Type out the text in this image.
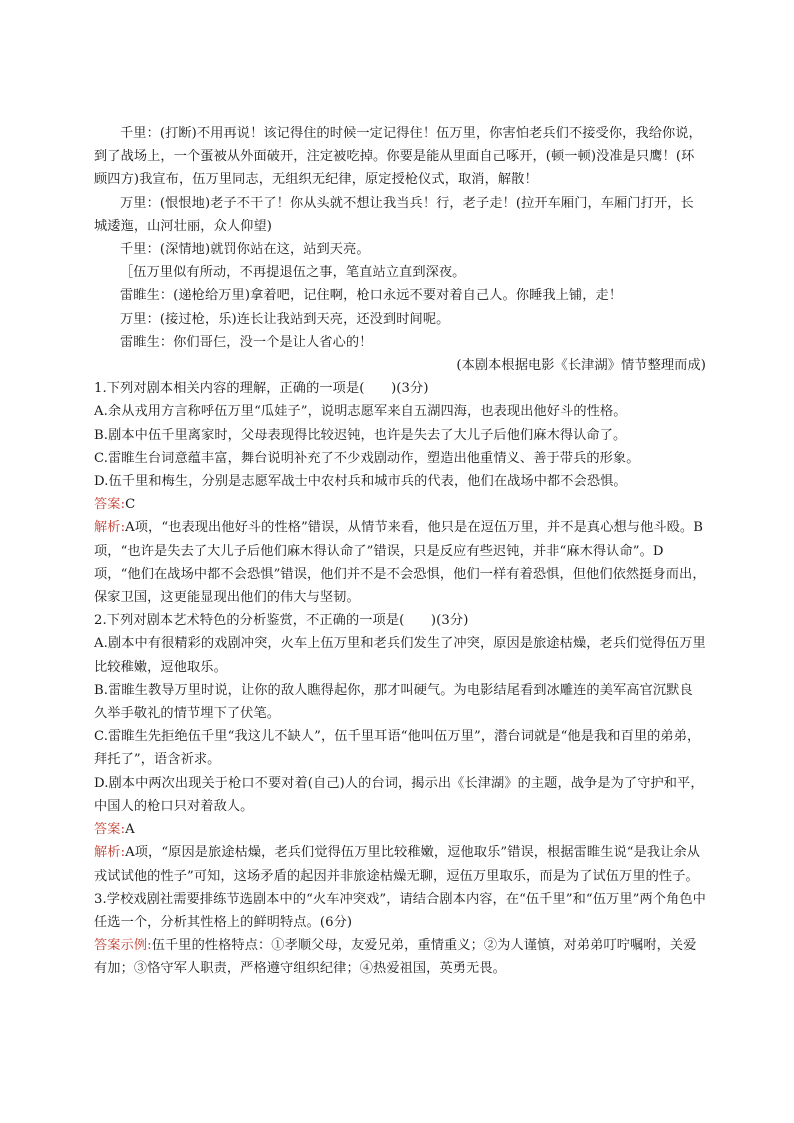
千里：(打断)不用再说！该记得住的时候一定记得住！伍万里，你害怕老兵们不接受你，我给你说，到了战场上，一个蛋被从外面破开，注定被吃掉。你要是能从里面自己啄开，(顿一顿)没准是只鹰！(环顾四方)我宣布，伍万里同志，无组织无纪律，原定授枪仪式，取消，解散！

万里：(恨恨地)老子不干了！你从头就不想让我当兵！行，老子走！(拉开车厢门，车厢门打开，长城逶迤，山河壮丽，众人仰望)

千里：(深情地)就罚你站在这，站到天亮。

［伍万里似有所动，不再提退伍之事，笔直站立直到深夜。

雷睢生：(递枪给万里)拿着吧，记住啊，枪口永远不要对着自己人。你睡我上铺，走！

万里：(接过枪，乐)连长让我站到天亮，还没到时间呢。

雷睢生：你们哥仨，没一个是让人省心的！

(本剧本根据电影《长津湖》情节整理而成)

1.下列对剧本相关内容的理解，正确的一项是(　　)(3分)

A.余从戎用方言称呼伍万里“瓜娃子”，说明志愿军来自五湖四海，也表现出他好斗的性格。

B.剧本中伍千里离家时，父母表现得比较迟钝，也许是失去了大儿子后他们麻木得认命了。

C.雷睢生台词意蕴丰富，舞台说明补充了不少戏剧动作，塑造出他重情义、善于带兵的形象。

D.伍千里和梅生，分别是志愿军战士中农村兵和城市兵的代表，他们在战场中都不会恐惧。

答案:C

解析:A项，“也表现出他好斗的性格”错误，从情节来看，他只是在逗伍万里，并不是真心想与他斗殴。B项，“也许是失去了大儿子后他们麻木得认命了”错误，只是反应有些迟钝，并非“麻木得认命”。D项，“他们在战场中都不会恐惧”错误，他们并不是不会恐惧，他们一样有着恐惧，但他们依然挺身而出，保家卫国，这更能显现出他们的伟大与坚韧。

2.下列对剧本艺术特色的分析鉴赏，不正确的一项是(　　)(3分)

A.剧本中有很精彩的戏剧冲突，火车上伍万里和老兵们发生了冲突，原因是旅途枯燥，老兵们觉得伍万里比较稚嫩，逗他取乐。

B.雷睢生教导万里时说，让你的敌人瞧得起你，那才叫硬气。为电影结尾看到冰雕连的美军高官沉默良久举手敬礼的情节埋下了伏笔。

C.雷睢生先拒绝伍千里“我这儿不缺人”，伍千里耳语“他叫伍万里”，潜台词就是“他是我和百里的弟弟，拜托了”，语含祈求。

D.剧本中两次出现关于枪口不要对着(自己)人的台词，揭示出《长津湖》的主题，战争是为了守护和平，中国人的枪口只对着敌人。

答案:A

解析:A项，“原因是旅途枯燥，老兵们觉得伍万里比较稚嫩，逗他取乐”错误，根据雷睢生说“是我让余从戎试试他的性子”可知，这场矛盾的起因并非旅途枯燥无聊，逗伍万里取乐，而是为了试伍万里的性子。

3.学校戏剧社需要排练节选剧本中的“火车冲突戏”，请结合剧本内容，在“伍千里”和“伍万里”两个角色中任选一个，分析其性格上的鲜明特点。(6分)

答案示例:伍千里的性格特点：①孝顺父母，友爱兄弟，重情重义；②为人谨慎，对弟弟叮咛嘱咐，关爱有加；③恪守军人职责，严格遵守组织纪律；④热爱祖国，英勇无畏。
